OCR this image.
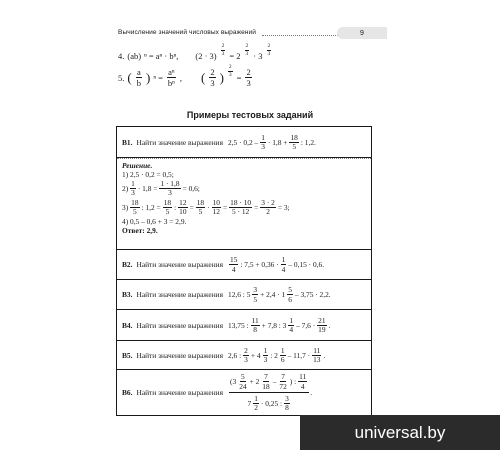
Вычисление значений числовых выражений	9
4. (ab) ⁿ = aⁿ · bⁿ, $(2 \cdot 3) \frac{2}{3} = 2 \frac{2}{3} \cdot 3 \frac{2}{3}$
5. ( $\frac{a}{b}$ ) $^n = \frac{\text{aⁿ}}{\text{bⁿ}}$ , ( $\frac{2}{3}$ ) $\frac{2}{3} = \frac{2}{3}$
Примеры тестовых заданий
B1. Найти значение выражения $2,5 \cdot 0,2 - \frac{1}{3} \cdot 1,8 + \frac{18}{5}$ : 1,2.
Решение.
1) 2,5 · 0,2 = 0,5;
$2) \frac{1}{3} \cdot 1,8 = \frac{1 \cdot 1,8}{3} = 0,6$;
$3) \frac{18}{5}$ : $1,2 = \frac{18}{5}$ : $\frac{12}{10} = \frac{18}{5} \cdot \frac{10}{12} = \frac{18 \cdot 10}{5 \cdot 12} = \frac{3 \cdot 2}{2} = 3$;
4) 0,5 – 0,6 + 3 = 2,9.
Ответ: 2,9.
B2. Найти значение выражения $\frac{15}{4}$ : $7,5 + 0,36 \cdot \frac{1}{4} - 0,15 \cdot 0,6$.
B3. Найти значение выражения 12,6 : $5 \frac{3}{5} + 2,4 \cdot 1 \frac{5}{6} - 3,75 \cdot 2,2$.
B4. Найти значение выражения 13,75 : $\frac{11}{8} + 7,8$ : $3 \frac{1}{4} - 7,6 \cdot \frac{21}{19}$ .
B5. Найти значение выражения 2,6 : $\frac{2}{3} + 4 \frac{1}{3}$ : $2 \frac{1}{6} - 11,7 \cdot \frac{11}{13}$ .
B6. Найти значение выражения
($3 \frac{5}{24} + 2 \frac{7}{18} - \frac{7}{72}$ ) : $\frac{11}{4}$
$7 \frac{1}{2} \cdot 0,25$ : $\frac{3}{8}$
.
universal.by
